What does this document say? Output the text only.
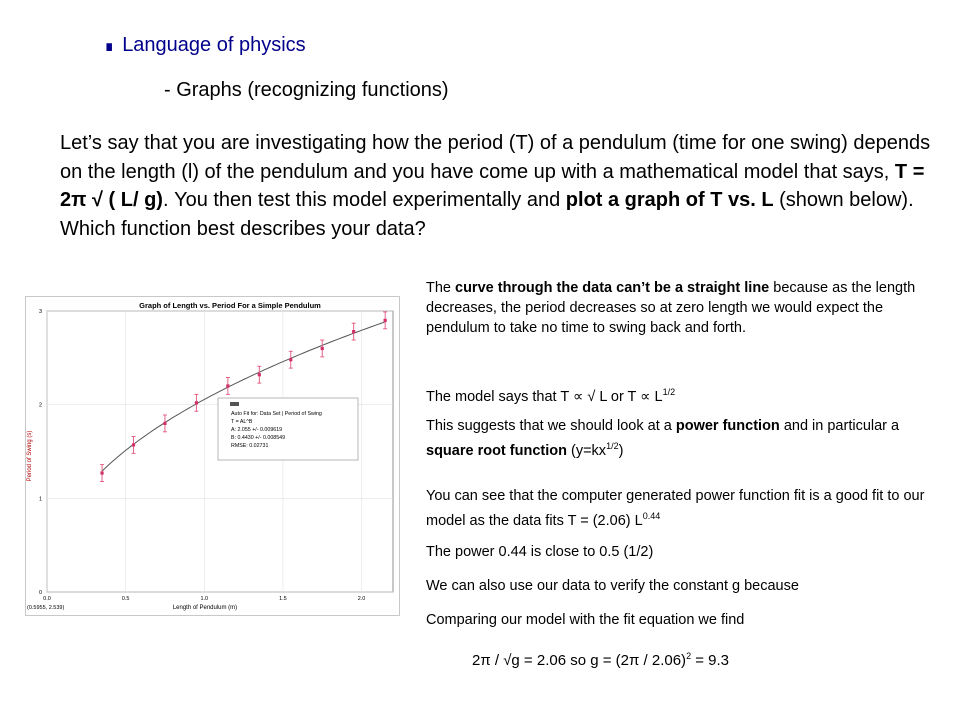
∎ Language of physics
- Graphs (recognizing functions)
Let’s say that you are investigating how the period (T) of a pendulum (time for one swing) depends on the length (l) of the pendulum and you have come up with a mathematical model that says, T = 2π √ ( L/ g). You then test this model experimentally and plot a graph of T vs. L (shown below). Which function best describes your data?
Graph of Length vs. Period For a Simple Pendulum
0.0	0.5	1.0	1.5	2.0
0
1
2
3
Auto Fit for: Data Set | Period of Swing
T = AL^B
A: 2.055 +/- 0.009619
B: 0.4430 +/- 0.008549
RMSE: 0.02731
Length of Pendulum (m)
Period of Swing (s)
(0.5955, 2.539)

The curve through the data can’t be a straight line because as the length decreases, the period decreases so at zero length we would expect the pendulum to take no time to swing back and forth.

The model says that T ∝ √ L or $T \propto L^{1/2}$

This suggests that we should look at a power function and in particular a square root function $(y=kx^{1/2})$

You can see that the computer generated power function fit is a good fit to our model as the data fits T = (2.06) $L^{0.44}$

The power 0.44 is close to 0.5 (1/2)

We can also use our data to verify the constant g because

Comparing our model with the fit equation we find

2π / √g = 2.06 so g = (2π / 2.06)$^2$ = 9.3
